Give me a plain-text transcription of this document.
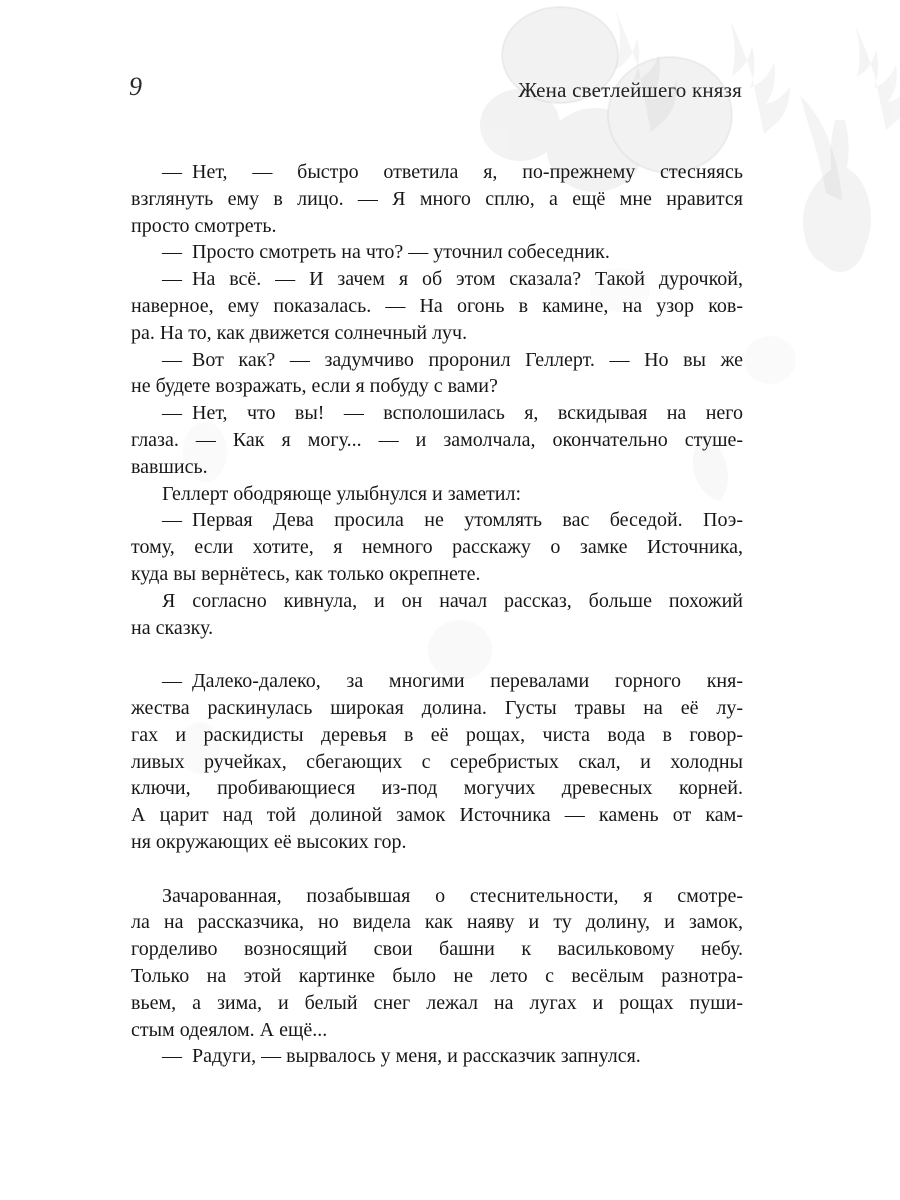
9	Жена светлейшего князя
— Нет, — быстро ответила я, по-прежнему стесняясь
взглянуть ему в лицо. — Я много сплю, а ещё мне нравится
просто смотреть.
— Просто смотреть на что? — уточнил собеседник.
— На всё. — И зачем я об этом сказала? Такой дурочкой,
наверное, ему показалась. — На огонь в камине, на узор ков-
ра. На то, как движется солнечный луч.
— Вот как? — задумчиво проронил Геллерт. — Но вы же
не будете возражать, если я побуду с вами?
— Нет, что вы! — всполошилась я, вскидывая на него
глаза. — Как я могу... — и замолчала, окончательно стуше-
вавшись.
Геллерт ободряюще улыбнулся и заметил:
— Первая Дева просила не утомлять вас беседой. Поэ-
тому, если хотите, я немного расскажу о замке Источника,
куда вы вернётесь, как только окрепнете.
Я согласно кивнула, и он начал рассказ, больше похожий
на сказку.
— Далеко-далеко, за многими перевалами горного кня-
жества раскинулась широкая долина. Густы травы на её лу-
гах и раскидисты деревья в её рощах, чиста вода в говор-
ливых ручейках, сбегающих с серебристых скал, и холодны
ключи, пробивающиеся из-под могучих древесных корней.
А царит над той долиной замок Источника — камень от кам-
ня окружающих её высоких гор.
Зачарованная, позабывшая о стеснительности, я смотре-
ла на рассказчика, но видела как наяву и ту долину, и замок,
горделиво возносящий свои башни к васильковому небу.
Только на этой картинке было не лето с весёлым разнотра-
вьем, а зима, и белый снег лежал на лугах и рощах пуши-
стым одеялом. А ещё...
— Радуги, — вырвалось у меня, и рассказчик запнулся.
